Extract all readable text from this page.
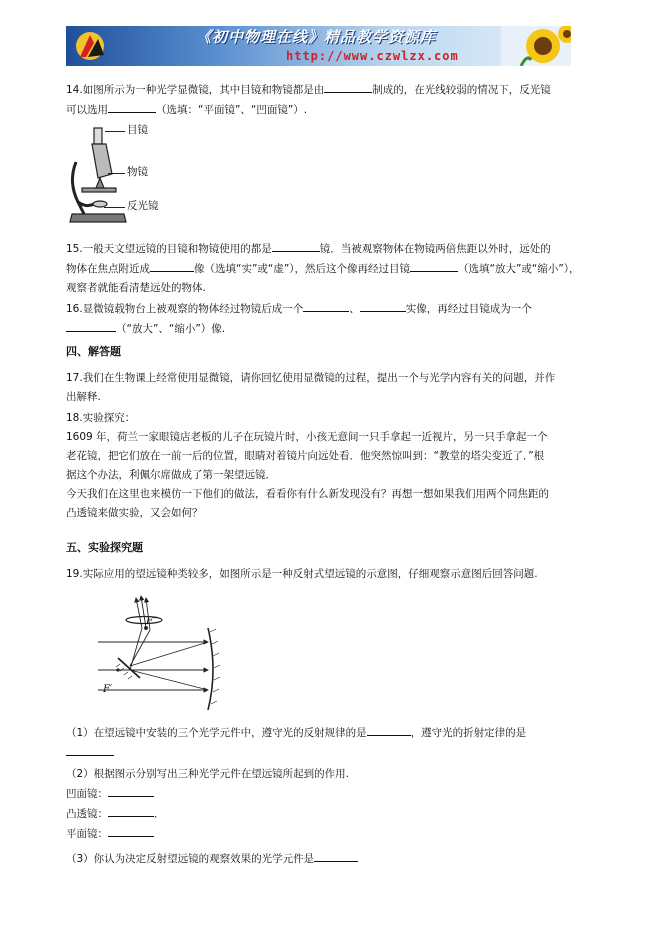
《初中物理在线》精品教学资源库
http://www.czwlzx.com
14.如图所示为一种光学显微镜，其中目镜和物镜都是由	制成的，在光线较弱的情况下，反光镜
可以选用	（选填：“平面镜”、“凹面镜”）.
目镜
物镜
反光镜
15.一般天文望远镜的目镜和物镜使用的都是	镜．当被观察物体在物镜两倍焦距以外时，远处的
物体在焦点附近成	像（选填“实”或“虚”），然后这个像再经过目镜	（选填“放大”或“缩小”），
观察者就能看清楚远处的物体.
16.显微镜载物台上被观察的物体经过物镜后成一个	、	实像，再经过目镜成为一个
（“放大”、“缩小”）像.
四、解答题
17.我们在生物课上经常使用显微镜，请你回忆使用显微镜的过程，提出一个与光学内容有关的问题，并作
出解释.
18.实验探究：
1609 年，荷兰一家眼镜店老板的儿子在玩镜片时，小孩无意间一只手拿起一近视片，另一只手拿起一个
老花镜，把它们放在一前一后的位置，眼睛对着镜片向远处看．他突然惊叫到：“教堂的塔尖变近了．”根
据这个办法，利佩尔席做成了第一架望远镜．
今天我们在这里也来模仿一下他们的做法，看看你有什么新发现没有？再想一想如果我们用两个同焦距的
凸透镜来做实验，又会如何？
五、实验探究题
19.实际应用的望远镜种类较多，如图所示是一种反射式望远镜的示意图，仔细观察示意图后回答问题.
F″
F′
（1）在望远镜中安装的三个光学元件中，遵守光的反射规律的是	，遵守光的折射定律的是

（2）根据图示分别写出三种光学元件在望远镜所起到的作用.
凹面镜：
凸透镜：	．
平面镜：
（3）你认为决定反射望远镜的观察效果的光学元件是
